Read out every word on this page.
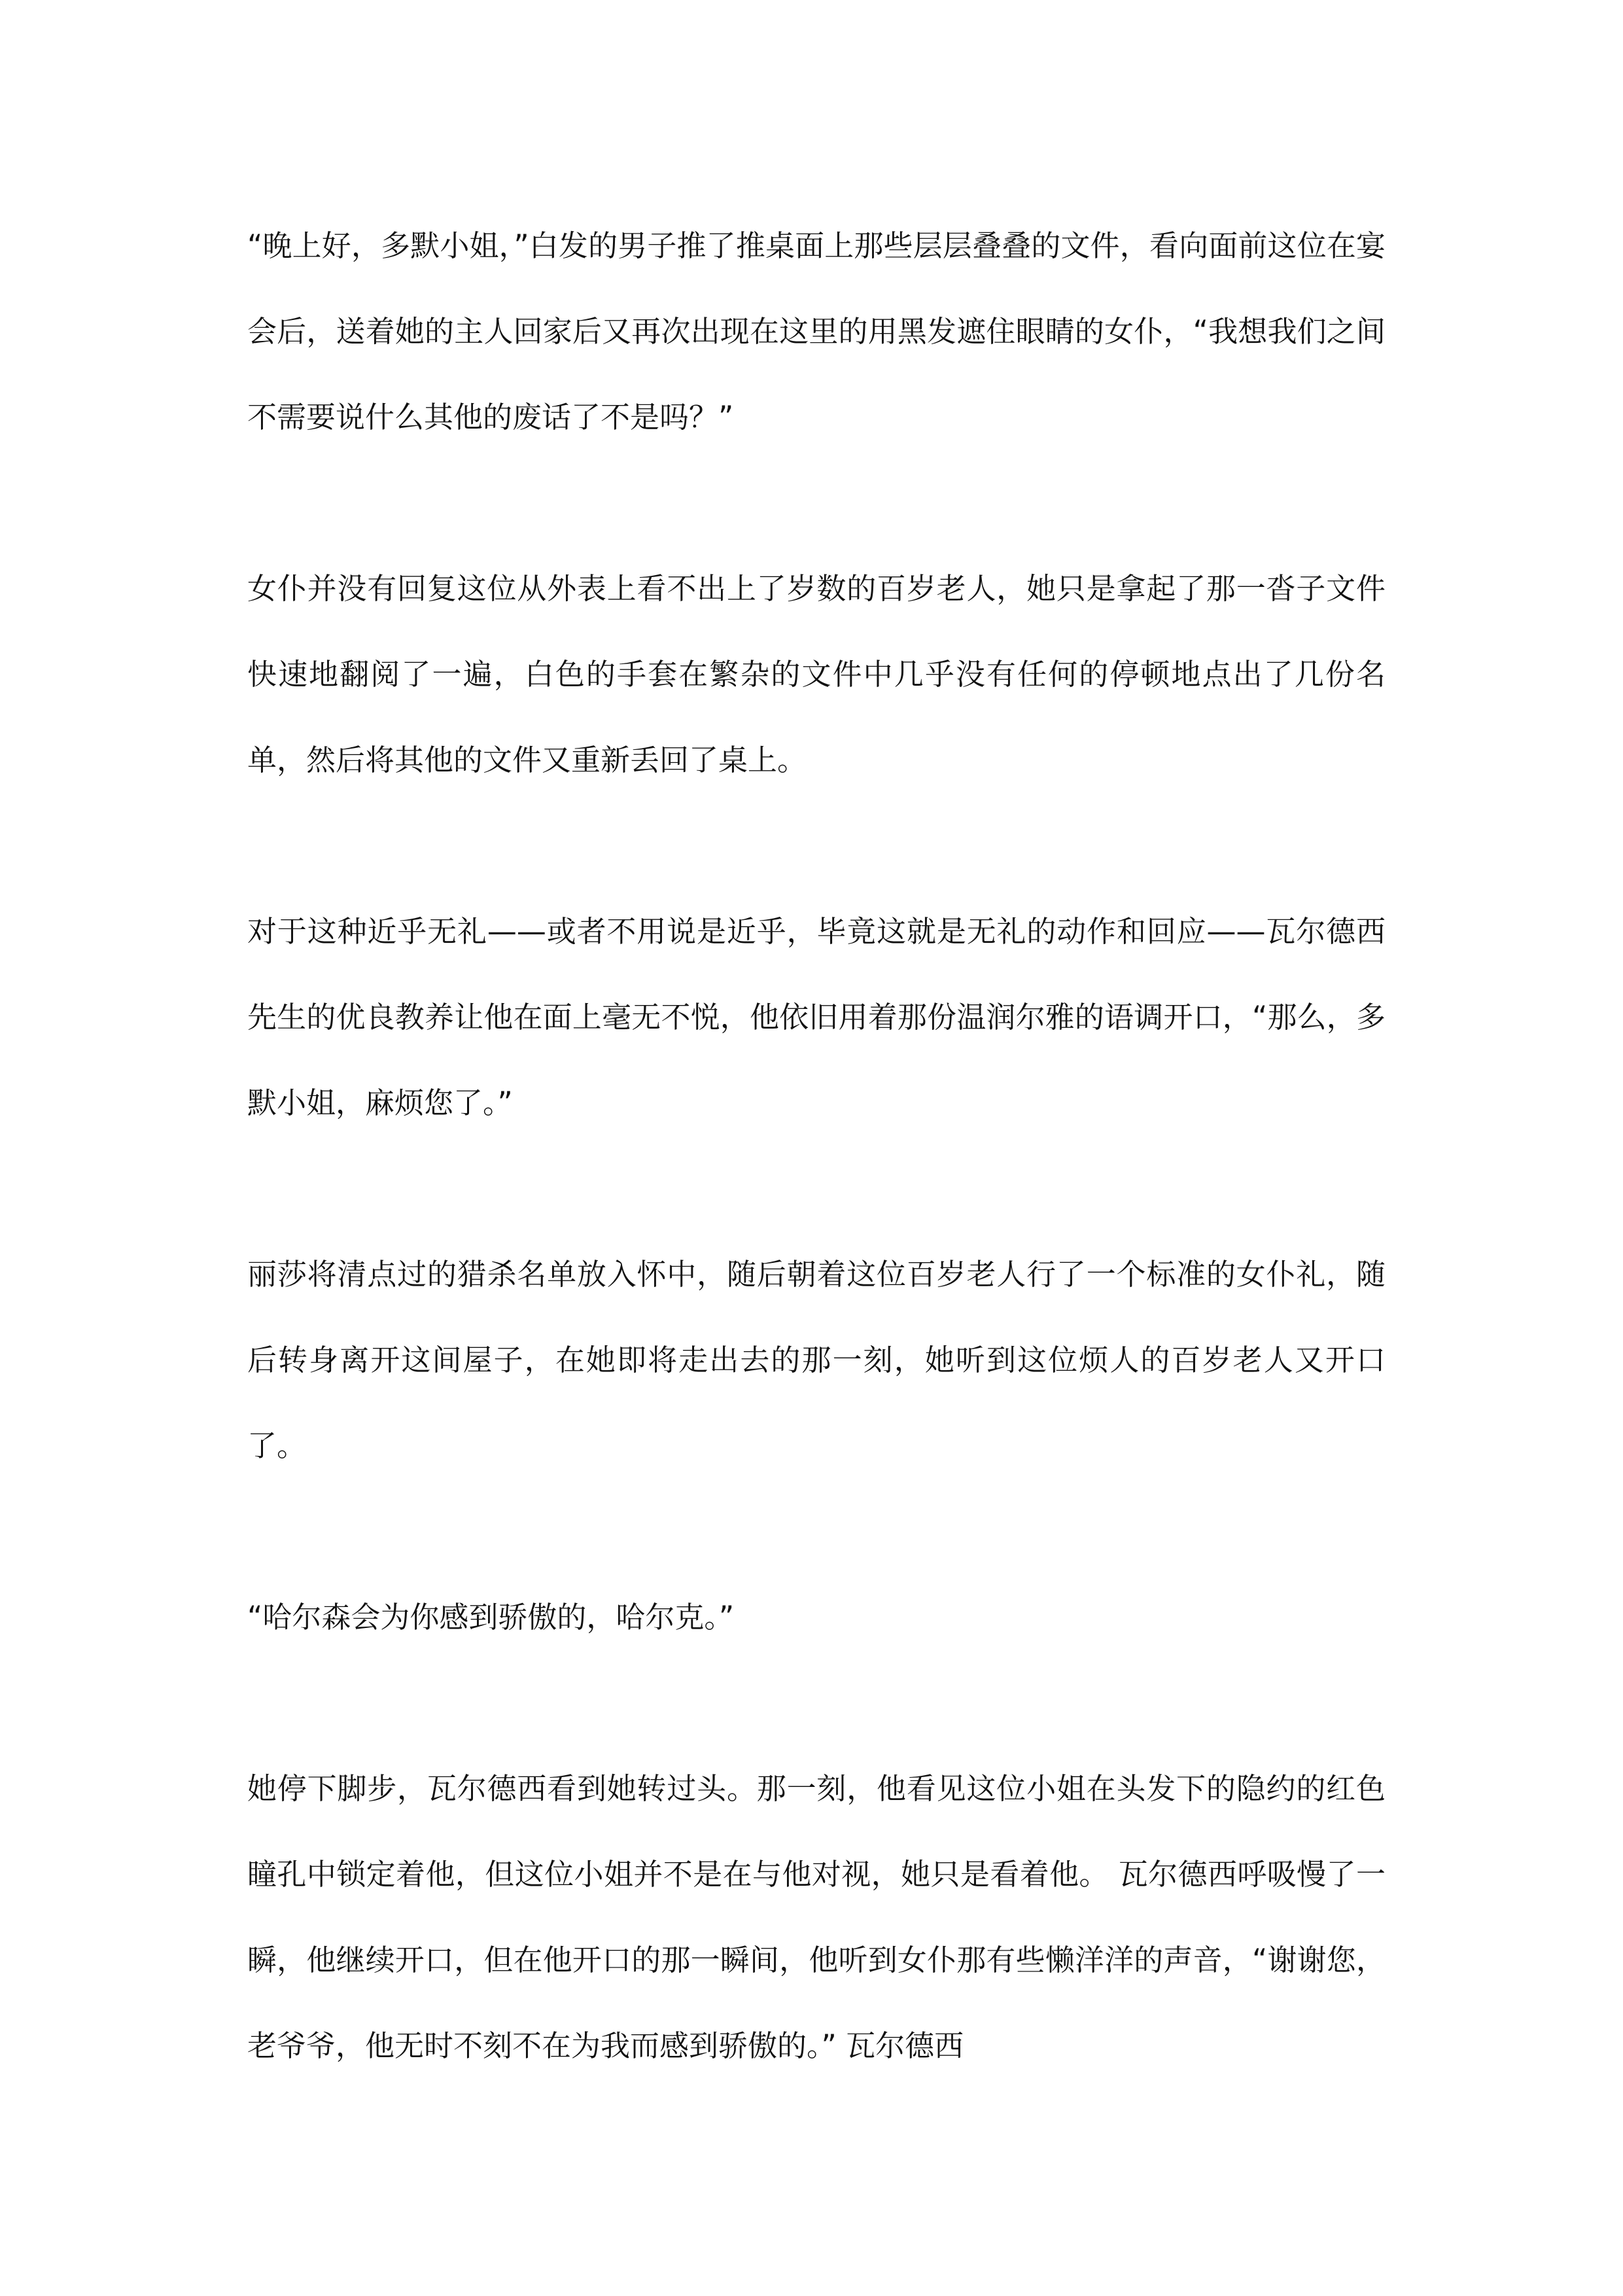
“晚上好，多默小姐，”白发的男子推了推桌面上那些层层叠叠的文件，看向面前这位在宴会后，送着她的主人回家后又再次出现在这里的用黑发遮住眼睛的女仆，“我想我们之间不需要说什么其他的废话了不是吗？”

女仆并没有回复这位从外表上看不出上了岁数的百岁老人，她只是拿起了那一沓子文件快速地翻阅了一遍，白色的手套在繁杂的文件中几乎没有任何的停顿地点出了几份名单，然后将其他的文件又重新丢回了桌上。

对于这种近乎无礼——或者不用说是近乎，毕竟这就是无礼的动作和回应——瓦尔德西先生的优良教养让他在面上毫无不悦，他依旧用着那份温润尔雅的语调开口，“那么，多默小姐，麻烦您了。”

丽莎将清点过的猎杀名单放入怀中，随后朝着这位百岁老人行了一个标准的女仆礼，随后转身离开这间屋子，在她即将走出去的那一刻，她听到这位烦人的百岁老人又开口了。

“哈尔森会为你感到骄傲的，哈尔克。”

她停下脚步，瓦尔德西看到她转过头。那一刻，他看见这位小姐在头发下的隐约的红色瞳孔中锁定着他，但这位小姐并不是在与他对视，她只是看着他。 瓦尔德西呼吸慢了一瞬，他继续开口，但在他开口的那一瞬间，他听到女仆那有些懒洋洋的声音，“谢谢您，老爷爷，他无时不刻不在为我而感到骄傲的。” 瓦尔德西
